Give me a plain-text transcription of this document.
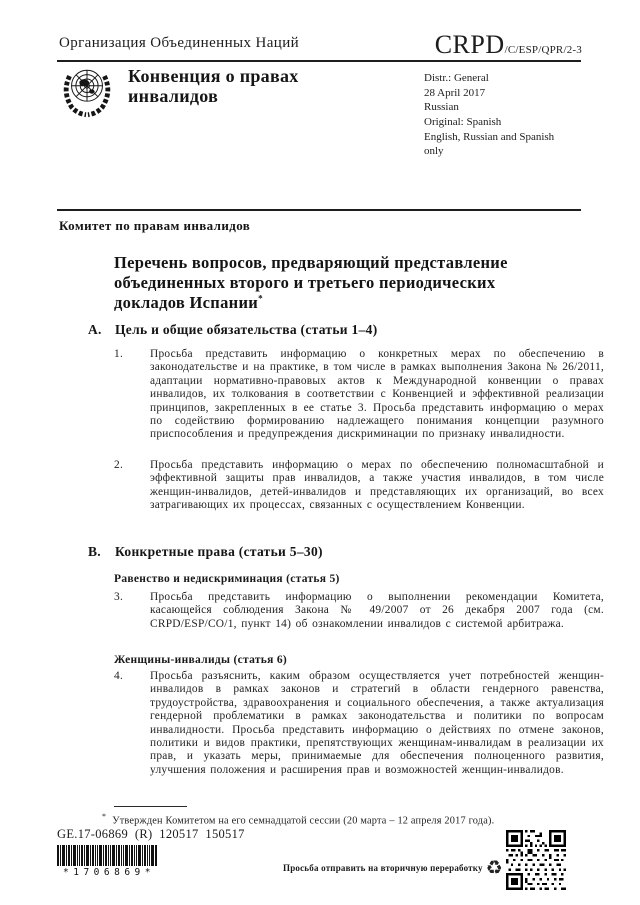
Организация Объединенных Наций	CRPD/C/ESP/QPR/2-3
Конвенция о правах
инвалидов
Distr.: General
28 April 2017
Russian
Original: Spanish
English, Russian and Spanish
only
Комитет по правам инвалидов
Перечень вопросов, предваряющий представление объединенных второго и третьего периодических докладов Испании*
А. Цель и общие обязательства (статьи 1–4)
1. Просьба представить информацию о конкретных мерах по обеспечению в законодательстве и на практике, в том числе в рамках выполнения Закона № 26/2011, адаптации нормативно-правовых актов к Международной конвенции о правах инвалидов, их толкования в соответствии с Конвенцией и эффективной реализации принципов, закрепленных в ее статье 3. Просьба представить информацию о мерах по содействию формированию надлежащего понимания концепции разумного приспособления и предупреждения дискриминации по признаку инвалидности.
2. Просьба представить информацию о мерах по обеспечению полномасштабной и эффективной защиты прав инвалидов, а также участия инвалидов, в том числе женщин-инвалидов, детей-инвалидов и представляющих их организаций, во всех затрагивающих их процессах, связанных с осуществлением Конвенции.
В.	Конкретные права (статьи 5–30)
Равенство и недискриминация (статья 5)
3. Просьба представить информацию о выполнении рекомендации Комитета, касающейся соблюдения Закона № 49/2007 от 26 декабря 2007 года (см. CRPD/ESP/CO/1, пункт 14) об ознакомлении инвалидов с системой арбитража.
Женщины-инвалиды (статья 6)
4. Просьба разъяснить, каким образом осуществляется учет потребностей женщин-инвалидов в рамках законов и стратегий в области гендерного равенства, трудоустройства, здравоохранения и социального обеспечения, а также актуализация гендерной проблематики в рамках законодательства и политики по вопросам инвалидности. Просьба представить информацию о действиях по отмене законов, политики и видов практики, препятствующих женщинам-инвалидам в реализации их прав, и указать меры, принимаемые для обеспечения полноценного развития, улучшения положения и расширения прав и возможностей женщин-инвалидов.
* Утвержден Комитетом на его семнадцатой сессии (20 марта – 12 апреля 2017 года).
GE.17-06869  (R)  120517  150517
*1706869*	Просьба отправить на вторичную переработку ♻
